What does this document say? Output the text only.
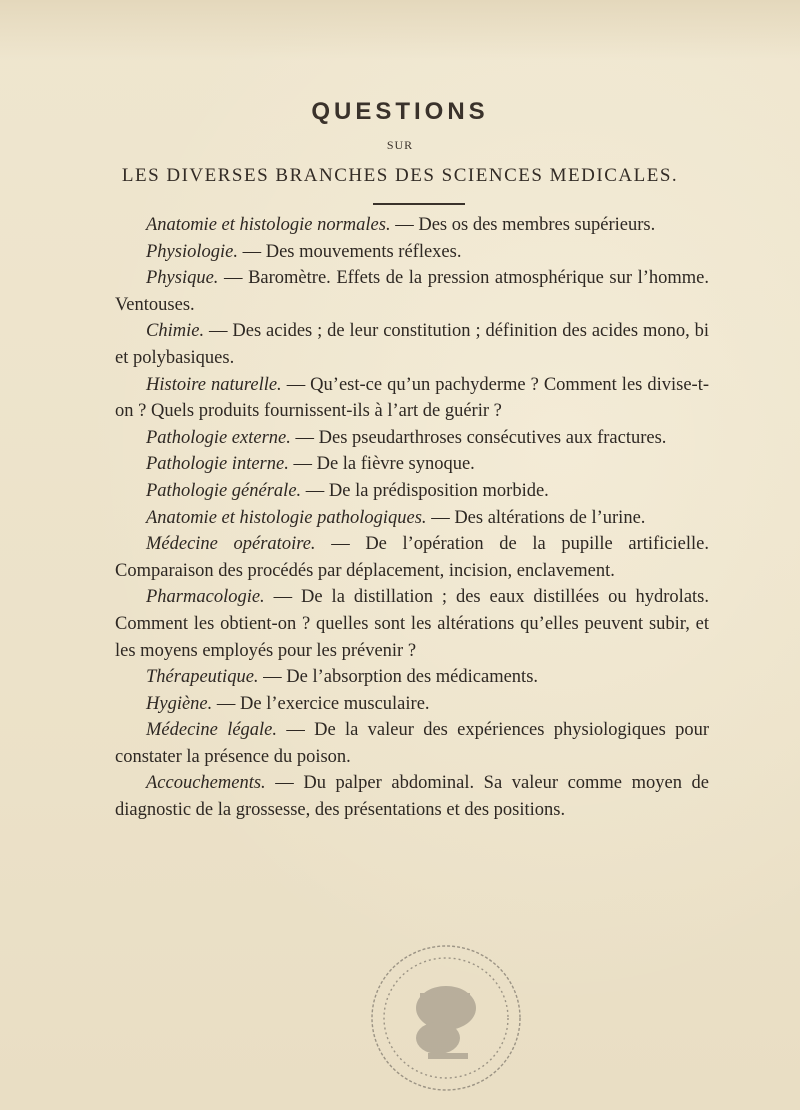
QUESTIONS
SUR
LES DIVERSES BRANCHES DES SCIENCES MEDICALES.

Anatomie et histologie normales. — Des os des membres supérieurs.

Physiologie. — Des mouvements réflexes.

Physique. — Baromètre. Effets de la pression atmosphérique sur l’homme. Ventouses.

Chimie. — Des acides ; de leur constitution ; définition des acides mono, bi et polybasiques.

Histoire naturelle. — Qu’est-ce qu’un pachyderme ? Comment les divise-t-on ? Quels produits fournissent-ils à l’art de guérir ?

Pathologie externe. — Des pseudarthroses consécutives aux fractures.

Pathologie interne. — De la fièvre synoque.

Pathologie générale. — De la prédisposition morbide.

Anatomie et histologie pathologiques. — Des altérations de l’urine.

Médecine opératoire. — De l’opération de la pupille artificielle. Comparaison des procédés par déplacement, incision, enclavement.

Pharmacologie. — De la distillation ; des eaux distillées ou hydrolats. Comment les obtient-on ? quelles sont les altérations qu’elles peuvent subir, et les moyens employés pour les prévenir ?

Thérapeutique. — De l’absorption des médicaments.

Hygiène. — De l’exercice musculaire.

Médecine légale. — De la valeur des expériences physiologiques pour constater la présence du poison.

Accouchements. — Du palper abdominal. Sa valeur comme moyen de diagnostic de la grossesse, des présentations et des positions.
